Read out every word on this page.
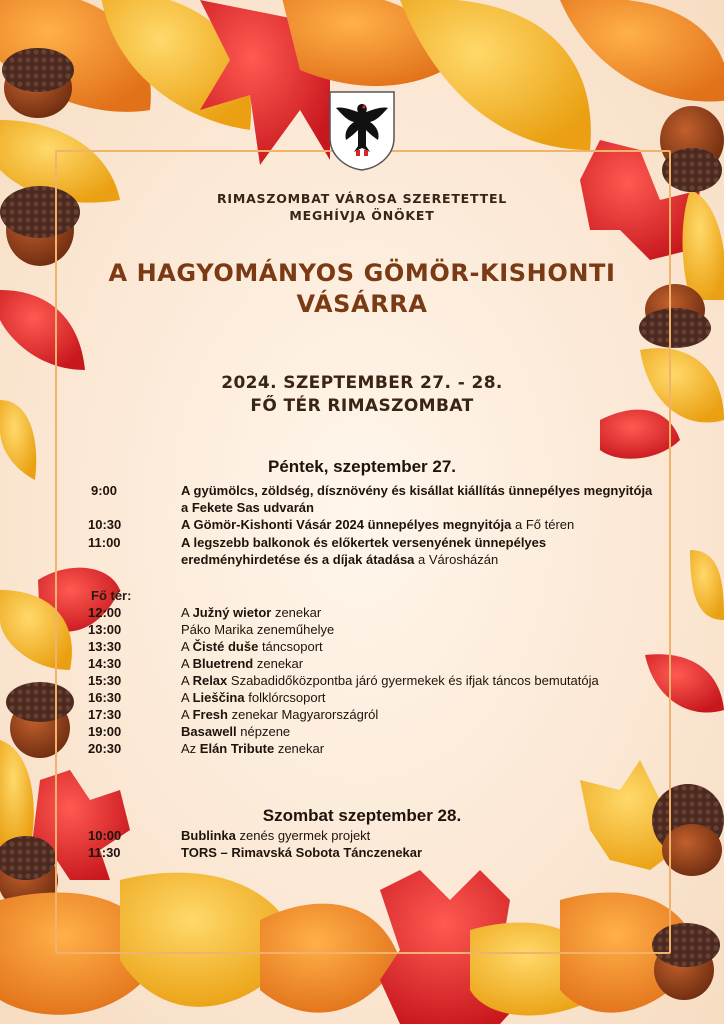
RIMASZOMBAT VÁROSA SZERETETTEL
MEGHÍVJA ÖNÖKET
A HAGYOMÁNYOS GÖMÖR-KISHONTI
VÁSÁRRA
2024. SZEPTEMBER 27. - 28.
FŐ TÉR RIMASZOMBAT
Péntek, szeptember 27.
9:00	A gyümölcs, zöldség, dísznövény és kisállat kiállítás ünnepélyes megnyitója a Fekete Sas udvarán
10:30	A Gömör-Kishonti Vásár 2024 ünnepélyes megnyitója a Fő téren
11:00	A legszebb balkonok és előkertek versenyének ünnepélyes eredményhirdetése és a díjak átadása a Városházán
Fő tér:
12:00	A Južný wietor zenekar
13:00	Páko Marika zeneműhelye
13:30	A Čisté duše táncsoport
14:30	A Bluetrend zenekar
15:30	A Relax Szabadidőközpontba járó gyermekek és ifjak táncos bemutatója
16:30	A Lieščina folklórcsoport
17:30	A Fresh zenekar Magyarországról
19:00	Basawell népzene
20:30	Az Elán Tribute zenekar
Szombat szeptember 28.
10:00	Bublinka zenés gyermek projekt
11:30	TORS – Rimavská Sobota Tánczenekar
